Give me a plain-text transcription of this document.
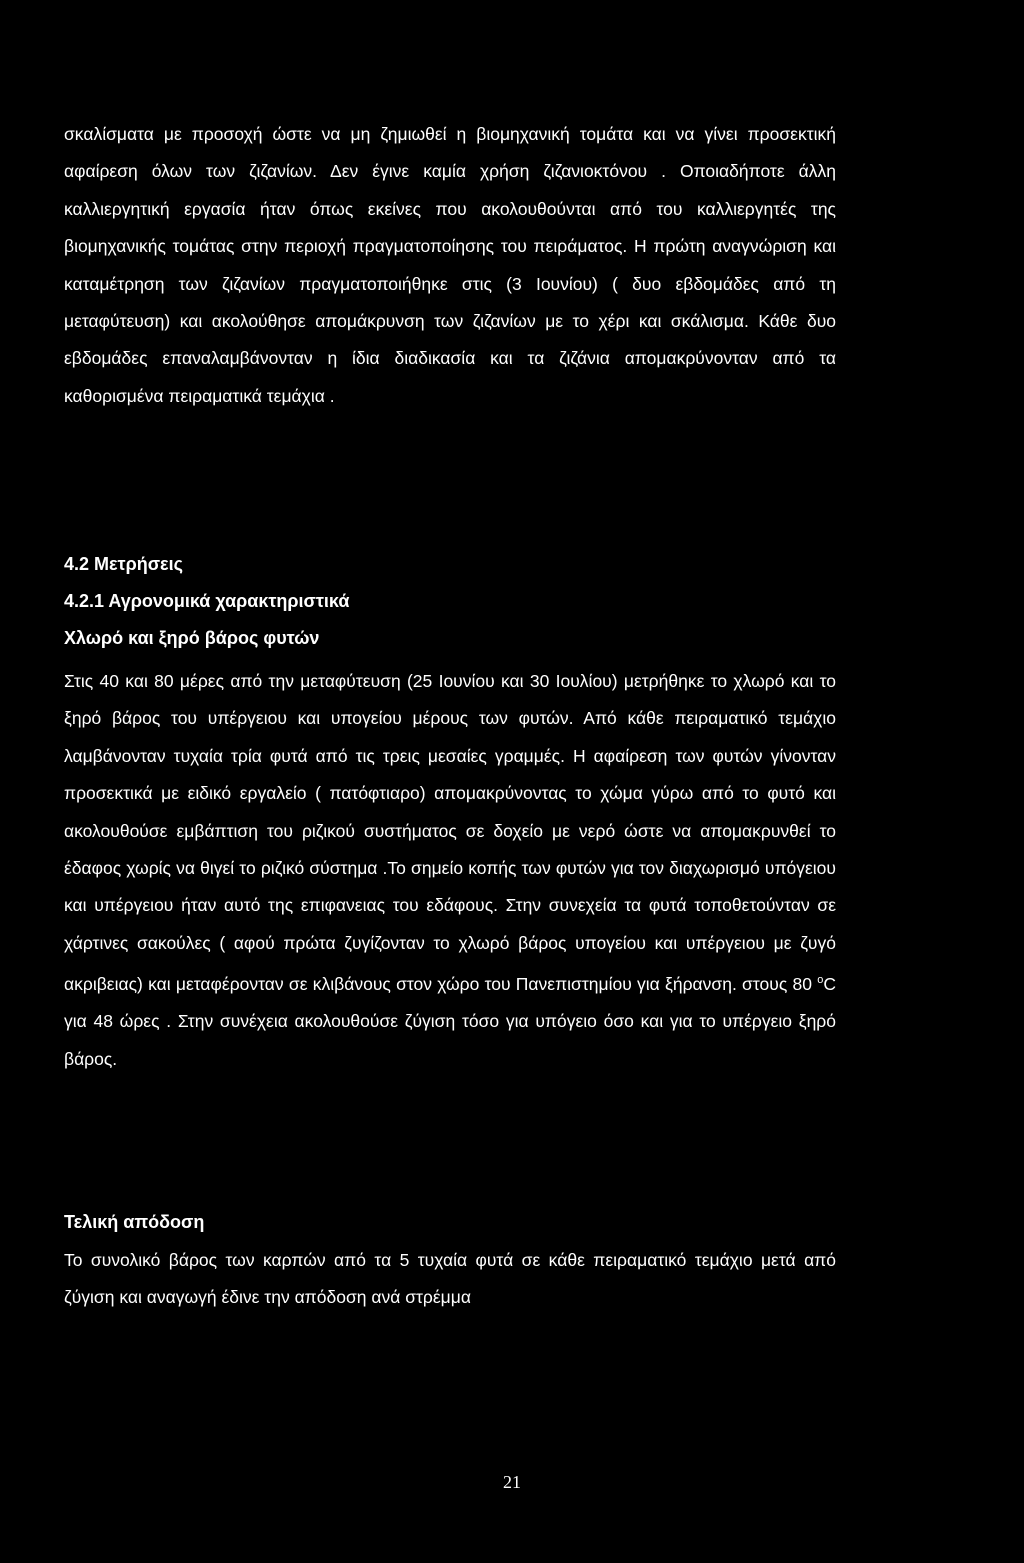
σκαλίσματα με προσοχή ώστε να μη ζημιωθεί η βιομηχανική τομάτα και να γίνει προσεκτική αφαίρεση όλων των ζιζανίων. Δεν έγινε καμία χρήση ζιζανιοκτόνου . Οποιαδήποτε άλλη καλλιεργητική εργασία ήταν όπως εκείνες που ακολουθούνται από του καλλιεργητές της βιομηχανικής τομάτας στην περιοχή πραγματοποίησης του πειράματος. Η πρώτη αναγνώριση και καταμέτρηση των ζιζανίων πραγματοποιήθηκε στις (3 Ιουνίου) ( δυο εβδομάδες από τη μεταφύτευση) και ακολούθησε απομάκρυνση των ζιζανίων με το χέρι και σκάλισμα. Κάθε δυο εβδομάδες επαναλαμβάνονταν η ίδια διαδικασία και τα ζιζάνια απομακρύνονταν από τα καθορισμένα πειραματικά τεμάχια .

4.2 Μετρήσεις
4.2.1 Αγρονομικά χαρακτηριστικά
Χλωρό και ξηρό βάρος φυτών

Στις 40 και 80 μέρες από την μεταφύτευση (25 Ιουνίου και 30 Ιουλίου) μετρήθηκε το χλωρό και το ξηρό βάρος του υπέργειου και υπογείου μέρους των φυτών. Από κάθε πειραματικό τεμάχιο λαμβάνονταν τυχαία τρία φυτά από τις τρεις μεσαίες γραμμές. Η αφαίρεση των φυτών γίνονταν προσεκτικά με ειδικό εργαλείο ( πατόφτιαρο) απομακρύνοντας το χώμα γύρω από το φυτό και ακολουθούσε εμβάπτιση του ριζικού συστήματος σε δοχείο με νερό ώστε να απομακρυνθεί το έδαφος χωρίς να θιγεί το ριζικό σύστημα .Το σημείο κοπής των φυτών για τον διαχωρισμό υπόγειου και υπέργειου ήταν αυτό της επιφανειας του εδάφους. Στην συνεχεία τα φυτά τοποθετούνταν σε χάρτινες σακούλες ( αφού πρώτα ζυγίζονταν το χλωρό βάρος υπογείου και υπέργειου με ζυγό ακριβειας) και μεταφέρονταν σε κλιβάνους στον χώρο του Πανεπιστημίου για ξήρανση. στους 80 $^o$C για 48 ώρες . Στην συνέχεια ακολουθούσε ζύγιση τόσο για υπόγειο όσο και για το υπέργειο ξηρό βάρος.

Τελική απόδοση

Το συνολικό βάρος των καρπών από τα 5 τυχαία φυτά σε κάθε πειραματικό τεμάχιο μετά από ζύγιση και αναγωγή έδινε την απόδοση ανά στρέμμα

21
